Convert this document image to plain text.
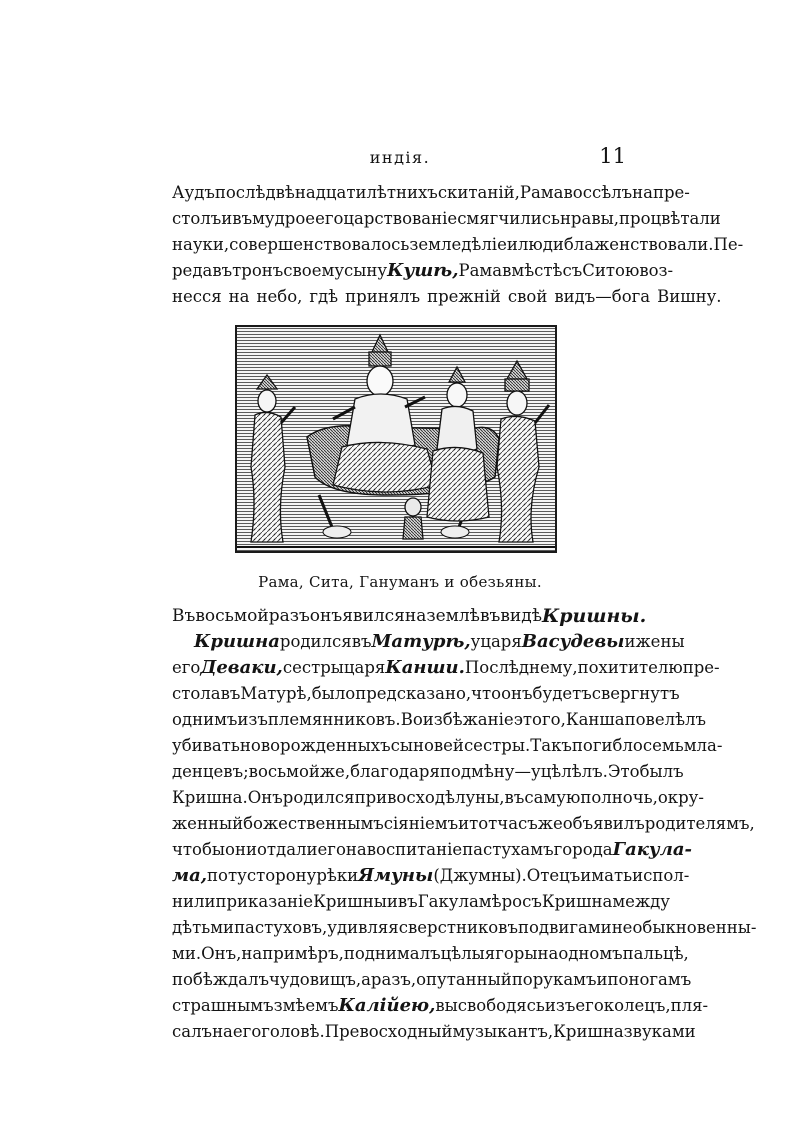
индія.	11
Аудъ послѣ двѣнадцатилѣтнихъ скитаній, Рама воссѣлъ на пре-
столъ и въ мудрое его царствованіе смягчились нравы, процвѣтали
науки, совершенствовалось земледѣліе и люди блаженствовали. Пе-
редавъ тронъ своему сыну Кушѣ, Рама вмѣстѣ съ Ситою воз-
несся на небо, гдѣ принялъ прежній свой видъ—бога Вишну.
Рама, Сита, Гануманъ и обезьяны.
Въ восьмой разъ онъ явился на землѣ въ видѣ Кришны.
Кришна родился въ Матурѣ, у царя Васудевы и жены
его Деваки, сестры царя Канши. Послѣднему, похитителю пре-
стола въ Матурѣ, было предсказано, что онъ будетъ свергнутъ
однимъ изъ племянниковъ. Во избѣжаніе этого, Канша повелѣлъ
убивать новорожденныхъ сыновей сестры. Такъ погибло семь мла-
денцевъ; восьмой же, благодаря подмѣну — уцѣлѣлъ. Это былъ
Кришна. Онъ родился при восходѣ луны, въ самую полночь, окру-
женный божественнымъ сіяніемъ и тотчасъ же объявилъ родителямъ,
чтобы они отдали его на воспитаніе пастухамъ города Гакула-
ма, по ту сторону рѣки Ямуны (Джумны). Отецъ и мать испол-
нили приказаніе Кришны и въ Гакуламѣ росъ Кришна между
дѣтьми пастуховъ, удивляя сверстниковъ подвигами необыкновенны-
ми. Онъ, напримѣръ, поднималъ цѣлыя горы на одномъ пальцѣ,
побѣждалъ чудовищъ, а разъ, опутанный по рукамъ и по ногамъ
страшнымъ змѣемъ Калійею, высвободясь изъ его колецъ, пля-
салъ на его головѣ. Превосходный музыкантъ, Кришна звуками
